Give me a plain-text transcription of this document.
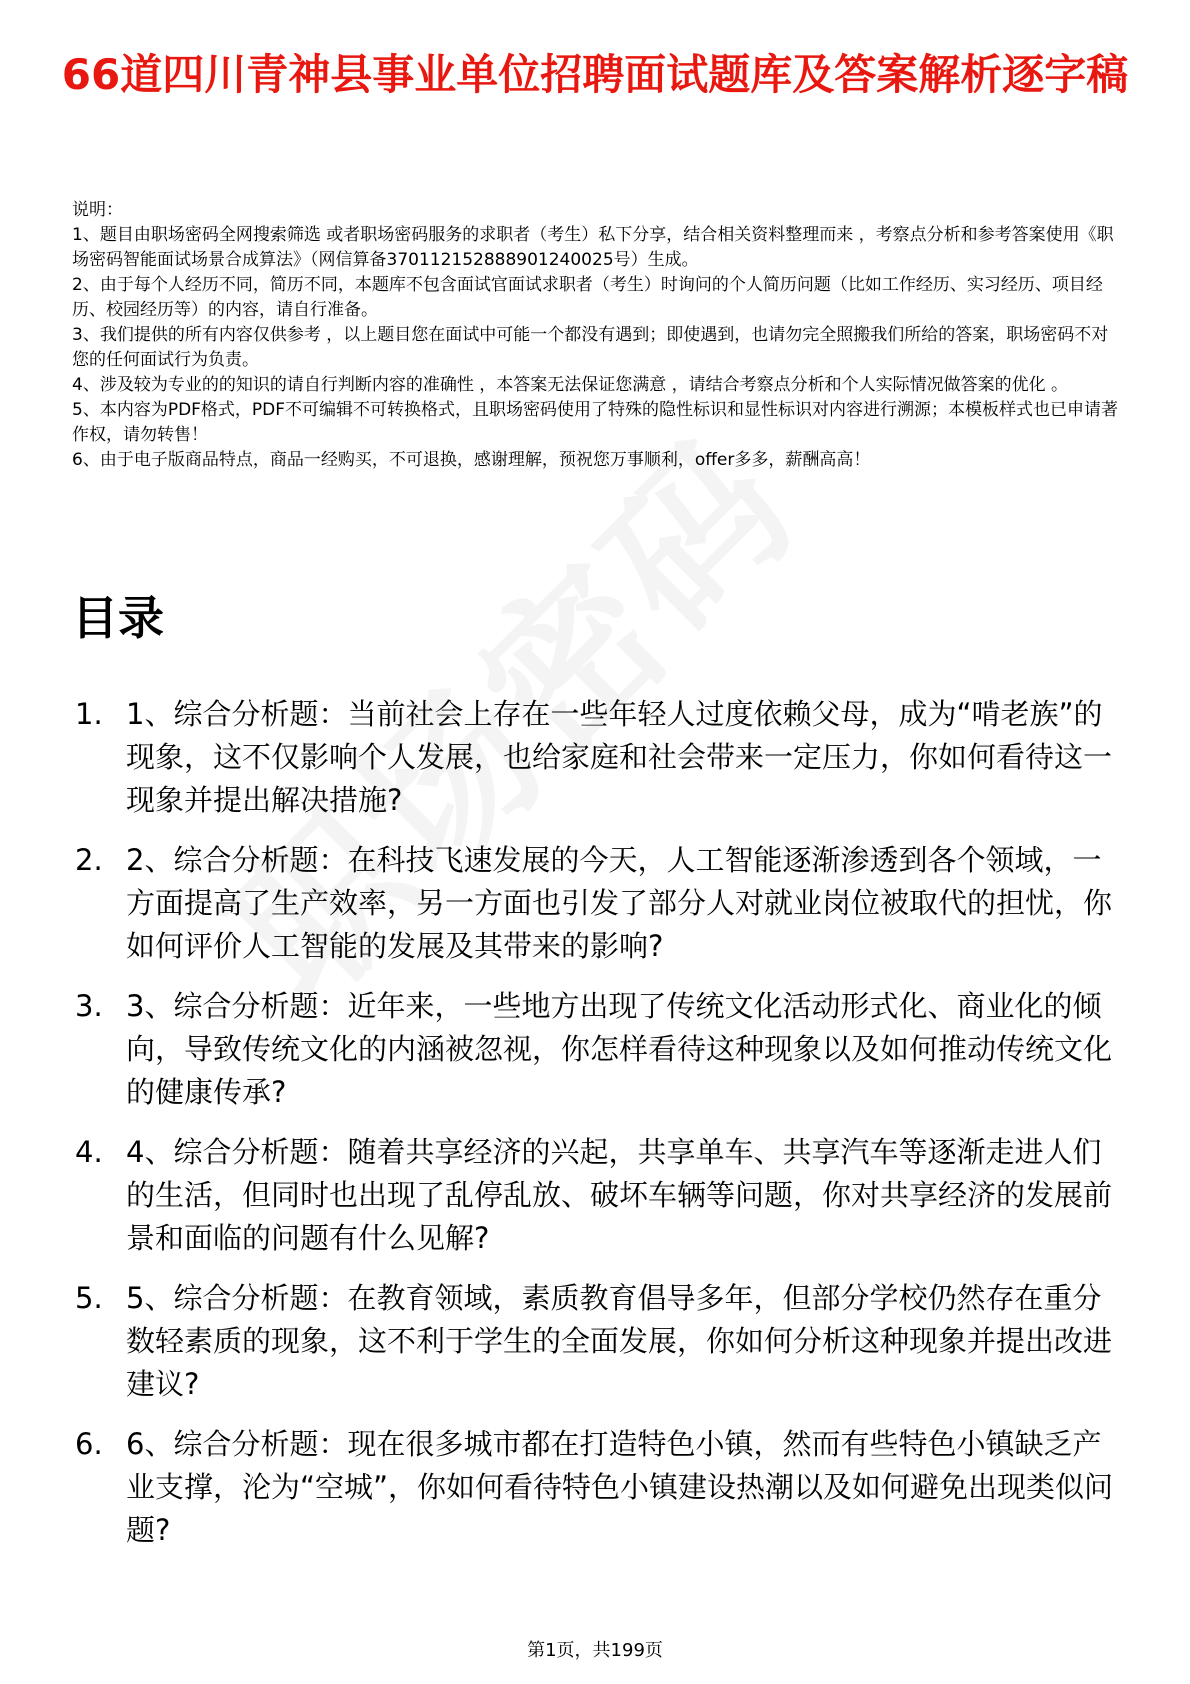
66道四川青神县事业单位招聘面试题库及答案解析逐字稿

说明：

1、题目由职场密码全网搜索筛选 或者职场密码服务的求职者（考生）私下分享，结合相关资料整理而来 ，考察点分析和参考答案使用《职场密码智能面试场景合成算法》（网信算备370112152888901240025号）生成。

2、由于每个人经历不同，简历不同，本题库不包含面试官面试求职者（考生）时询问的个人简历问题（比如工作经历、实习经历、项目经历、校园经历等）的内容，请自行准备。

3、我们提供的所有内容仅供参考 ，以上题目您在面试中可能一个都没有遇到；即使遇到，也请勿完全照搬我们所给的答案，职场密码不对您的任何面试行为负责。

4、涉及较为专业的的知识的请自行判断内容的准确性 ，本答案无法保证您满意 ，请结合考察点分析和个人实际情况做答案的优化 。

5、本内容为PDF格式，PDF不可编辑不可转换格式，且职场密码使用了特殊的隐性标识和显性标识对内容进行溯源；本模板样式也已申请著作权，请勿转售！

6、由于电子版商品特点，商品一经购买，不可退换，感谢理解，预祝您万事顺利，offer多多，薪酬高高！

目录
1. 1、综合分析题：当前社会上存在一些年轻人过度依赖父母，成为“啃老族”的现象，这不仅影响个人发展，也给家庭和社会带来一定压力，你如何看待这一现象并提出解决措施?
2. 2、综合分析题：在科技飞速发展的今天，人工智能逐渐渗透到各个领域，一方面提高了生产效率，另一方面也引发了部分人对就业岗位被取代的担忧，你如何评价人工智能的发展及其带来的影响?
3. 3、综合分析题：近年来，一些地方出现了传统文化活动形式化、商业化的倾向，导致传统文化的内涵被忽视，你怎样看待这种现象以及如何推动传统文化的健康传承?
4. 4、综合分析题：随着共享经济的兴起，共享单车、共享汽车等逐渐走进人们的生活，但同时也出现了乱停乱放、破坏车辆等问题，你对共享经济的发展前景和面临的问题有什么见解?
5. 5、综合分析题：在教育领域，素质教育倡导多年，但部分学校仍然存在重分数轻素质的现象，这不利于学生的全面发展，你如何分析这种现象并提出改进建议?
6. 6、综合分析题：现在很多城市都在打造特色小镇，然而有些特色小镇缺乏产业支撑，沦为“空城”，你如何看待特色小镇建设热潮以及如何避免出现类似问题?
第1页，共199页
